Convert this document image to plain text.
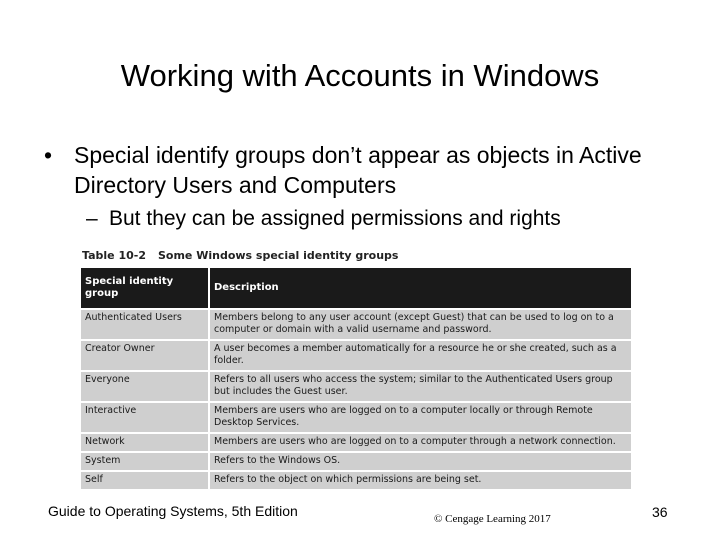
Working with Accounts in Windows
• Special identify groups don’t appear as objects in Active Directory Users and Computers
– But they can be assigned permissions and rights
Table 10-2 Some Windows special identity groups
Special identity group	Description
Authenticated Users	Members belong to any user account (except Guest) that can be used to log on to a computer or domain with a valid username and password.
Creator Owner	A user becomes a member automatically for a resource he or she created, such as a folder.
Everyone	Refers to all users who access the system; similar to the Authenticated Users group but includes the Guest user.
Interactive	Members are users who are logged on to a computer locally or through Remote Desktop Services.
Network	Members are users who are logged on to a computer through a network connection.
System	Refers to the Windows OS.
Self	Refers to the object on which permissions are being set.
Guide to Operating Systems, 5th Edition	© Cengage Learning 2017	36
